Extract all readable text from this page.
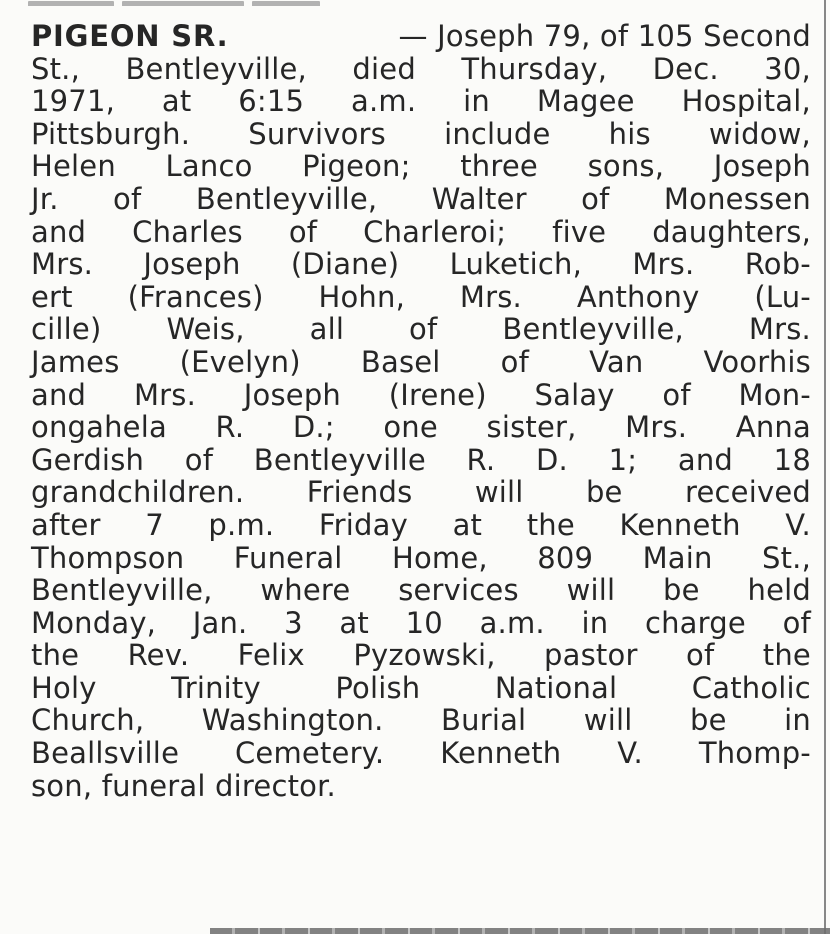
PIGEON SR.	— Joseph 79, of 105 Second
St., Bentleyville, died Thursday, Dec. 30,
1971, at 6:15 a.m. in Magee Hospital,
Pittsburgh. Survivors include his widow,
Helen Lanco Pigeon; three sons, Joseph
Jr. of Bentleyville, Walter of Monessen
and Charles of Charleroi; five daughters,
Mrs. Joseph (Diane) Luketich, Mrs. Rob-
ert (Frances) Hohn, Mrs. Anthony (Lu-
cille) Weis, all of Bentleyville, Mrs.
James (Evelyn) Basel of Van Voorhis
and Mrs. Joseph (Irene) Salay of Mon-
ongahela R. D.; one sister, Mrs. Anna
Gerdish of Bentleyville R. D. 1; and 18
grandchildren. Friends will be received
after 7 p.m. Friday at the Kenneth V.
Thompson Funeral Home, 809 Main St.,
Bentleyville, where services will be held
Monday, Jan. 3 at 10 a.m. in charge of
the Rev. Felix Pyzowski, pastor of the
Holy	Trinity	Polish	National	Catholic
Church, Washington. Burial will be in
Beallsville Cemetery. Kenneth V. Thomp-
son, funeral director.
